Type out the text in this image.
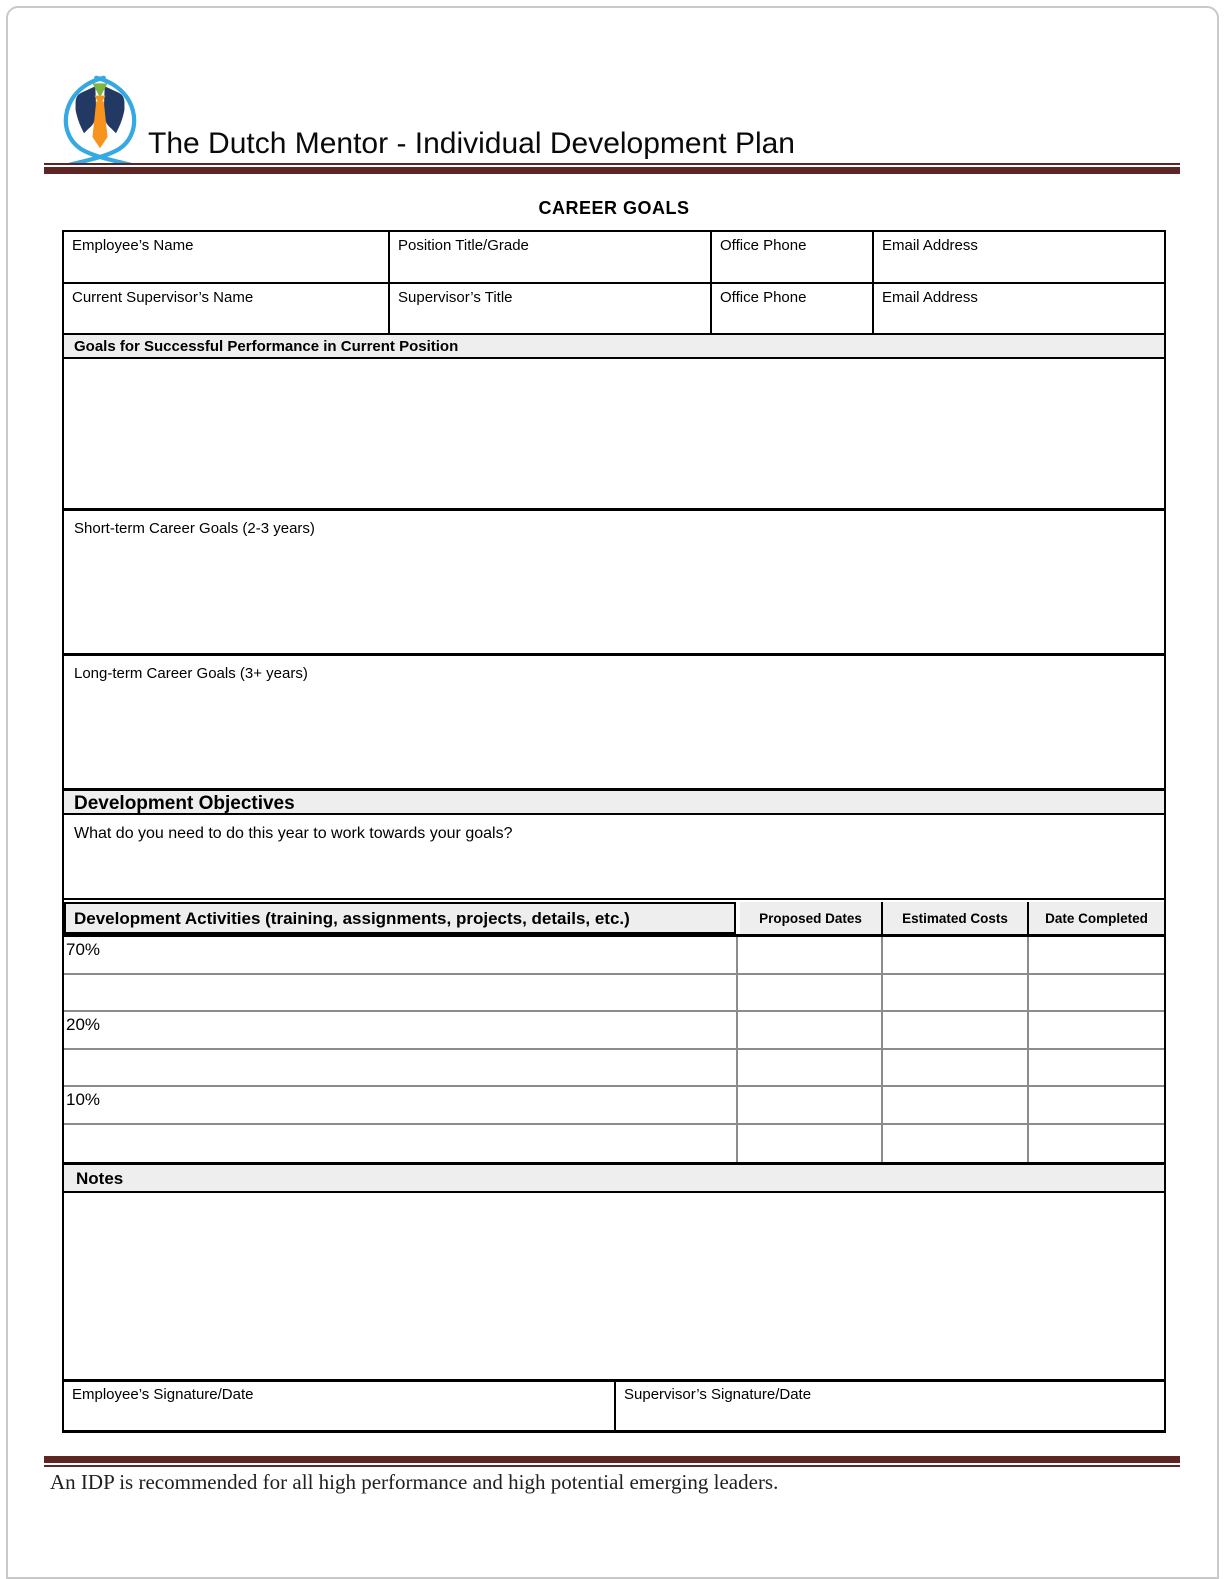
The Dutch Mentor - Individual Development Plan
CAREER GOALS
Employee’s Name	Position Title/Grade	Office Phone	Email Address
Current Supervisor’s Name	Supervisor’s Title	Office Phone	Email Address
Goals for Successful Performance in Current Position
Short-term Career Goals (2-3 years)
Long-term Career Goals (3+ years)
Development Objectives
What do you need to do this year to work towards your goals?
Development Activities (training, assignments, projects, details, etc.)	Proposed Dates	Estimated Costs	Date Completed
70%
20%
10%
Notes
Employee’s Signature/Date	Supervisor’s Signature/Date
An IDP is recommended for all high performance and high potential emerging leaders.
